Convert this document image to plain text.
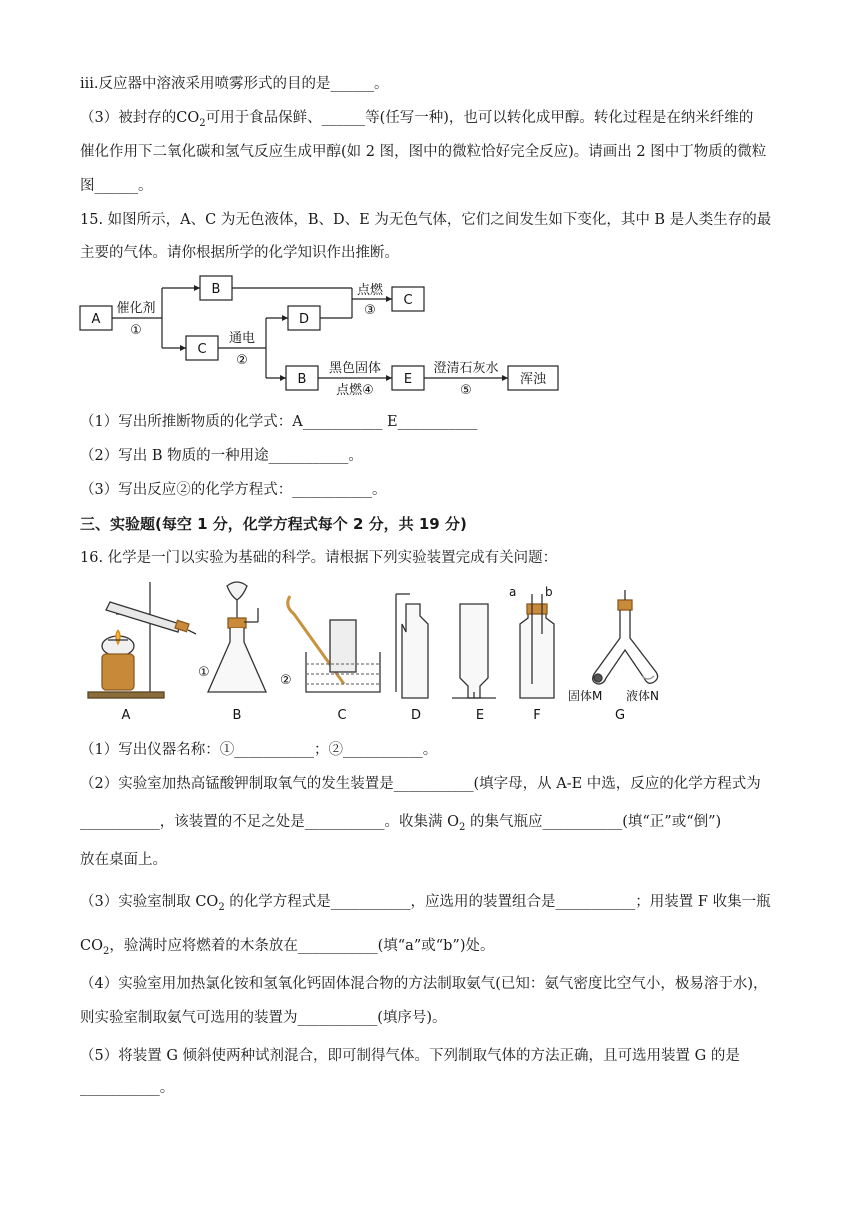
iii.反应器中溶液采用喷雾形式的目的是______。
（3）被封存的$CO_2$可用于食品保鲜、______等(任写一种)，也可以转化成甲醇。转化过程是在纳米纤维的
催化作用下二氧化碳和氢气反应生成甲醇(如 2 图，图中的微粒恰好完全反应)。请画出 2 图中丁物质的微粒
图______。
15. 如图所示，A、C 为无色液体，B、D、E 为无色气体，它们之间发生如下变化，其中 B 是人类生存的最
主要的气体。请你根据所学的化学知识作出推断。
A
B
C
C
D
B	E	浑浊
催化剂
①
通电
②
点燃
③
黑色固体
点燃④
澄清石灰水
⑤
（1）写出所推断物质的化学式：A___________ E___________
（2）写出 B 物质的一种用途___________。
（3）写出反应②的化学方程式：___________。
三、实验题(每空 1 分，化学方程式每个 2 分，共 19 分)
16. 化学是一门以实验为基础的科学。请根据下列实验装置完成有关问题：
①
②
a b
固体M 液体N
A	B	C	D	E	F	G
（1）写出仪器名称：①___________；②___________。
（2）实验室加热高锰酸钾制取氧气的发生装置是___________(填字母，从 A-E 中选，反应的化学方程式为
___________，该装置的不足之处是___________。收集满 $O_2$ 的集气瓶应___________(填“正”或“倒”)
放在桌面上。
（3）实验室制取 $CO_2$ 的化学方程式是___________，应选用的装置组合是___________；用装置 F 收集一瓶
$CO_2$，验满时应将燃着的木条放在___________(填“a”或“b”)处。
（4）实验室用加热氯化铵和氢氧化钙固体混合物的方法制取氨气(已知：氨气密度比空气小，极易溶于水)，
则实验室制取氨气可选用的装置为___________(填序号)。
（5）将装置 G 倾斜使两种试剂混合，即可制得气体。下列制取气体的方法正确，且可选用装置 G 的是
___________。
